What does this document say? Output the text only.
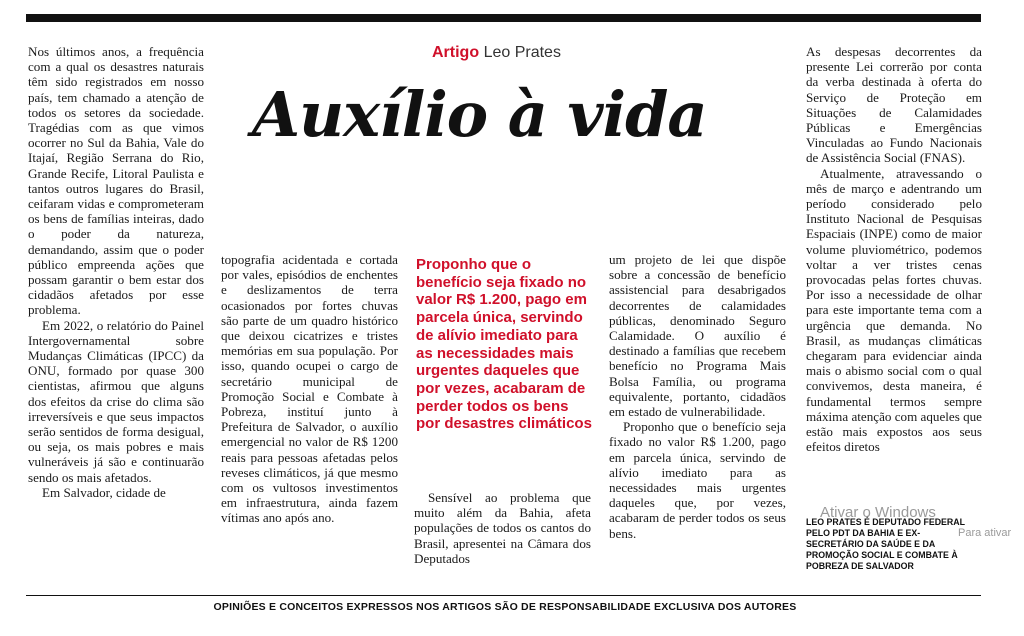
Nos últimos anos, a frequência com a qual os desastres naturais têm sido registrados em nosso país, tem chamado a atenção de todos os setores da sociedade. Tragédias com as que vimos ocorrer no Sul da Bahia, Vale do Itajaí, Região Serrana do Rio, Grande Recife, Litoral Paulista e tantos outros lugares do Brasil, ceifaram vidas e comprometeram os bens de famílias inteiras, dado o poder da natureza, demandando, assim que o poder público empreenda ações que possam garantir o bem estar dos cidadãos afetados por esse problema.

Em 2022, o relatório do Painel Intergovernamental sobre Mudanças Climáticas (IPCC) da ONU, formado por quase 300 cientistas, afirmou que alguns dos efeitos da crise do clima são irreversíveis e que seus impactos serão sentidos de forma desigual, ou seja, os mais pobres e mais vulneráveis já são e continuarão sendo os mais afetados.

Em Salvador, cidade de

Artigo Leo Prates
Auxílio à vida

topografia acidentada e cortada por vales, episódios de enchentes e deslizamentos de terra ocasionados por fortes chuvas são parte de um quadro histórico que deixou cicatrizes e tristes memórias em sua população. Por isso, quando ocupei o cargo de secretário municipal de Promoção Social e Combate à Pobreza, instituí junto à Prefeitura de Salvador, o auxílio emergencial no valor de R$ 1200 reais para pessoas afetadas pelos reveses climáticos, já que mesmo com os vultosos investimentos em infraestrutura, ainda fazem vítimas ano após ano.

Proponho que o benefício seja fixado no valor R$ 1.200, pago em parcela única, servindo de alívio imediato para as necessidades mais urgentes daqueles que por vezes, acabaram de perder todos os bens por desastres climáticos

Sensível ao problema que muito além da Bahia, afeta populações de todos os cantos do Brasil, apresentei na Câmara dos Deputados

um projeto de lei que dispõe sobre a concessão de benefício assistencial para desabrigados decorrentes de calamidades públicas, denominado Seguro Calamidade. O auxílio é destinado a famílias que recebem benefício no Programa Mais Bolsa Família, ou programa equivalente, portanto, cidadãos em estado de vulnerabilidade.

Proponho que o benefício seja fixado no valor R$ 1.200, pago em parcela única, servindo de alívio imediato para as necessidades mais urgentes daqueles que, por vezes, acabaram de perder todos os seus bens.

As despesas decorrentes da presente Lei correrão por conta da verba destinada à oferta do Serviço de Proteção em Situações de Calamidades Públicas e Emergências Vinculadas ao Fundo Nacionais de Assistência Social (FNAS).

Atualmente, atravessando o mês de março e adentrando um período considerado pelo Instituto Nacional de Pesquisas Espaciais (INPE) como de maior volume pluviométrico, podemos voltar a ver tristes cenas provocadas pelas fortes chuvas. Por isso a necessidade de olhar para este importante tema com a urgência que demanda. No Brasil, as mudanças climáticas chegaram para evidenciar ainda mais o abismo social com o qual convivemos, desta maneira, é fundamental termos sempre máxima atenção com aqueles que estão mais expostos aos seus efeitos diretos

Ativar o Windows
Para ativar
LEO PRATES É DEPUTADO FEDERAL PELO PDT DA BAHIA E EX-SECRETÁRIO DA SAÚDE E DA PROMOÇÃO SOCIAL E COMBATE À POBREZA DE SALVADOR
OPINIÕES E CONCEITOS EXPRESSOS NOS ARTIGOS SÃO DE RESPONSABILIDADE EXCLUSIVA DOS AUTORES
